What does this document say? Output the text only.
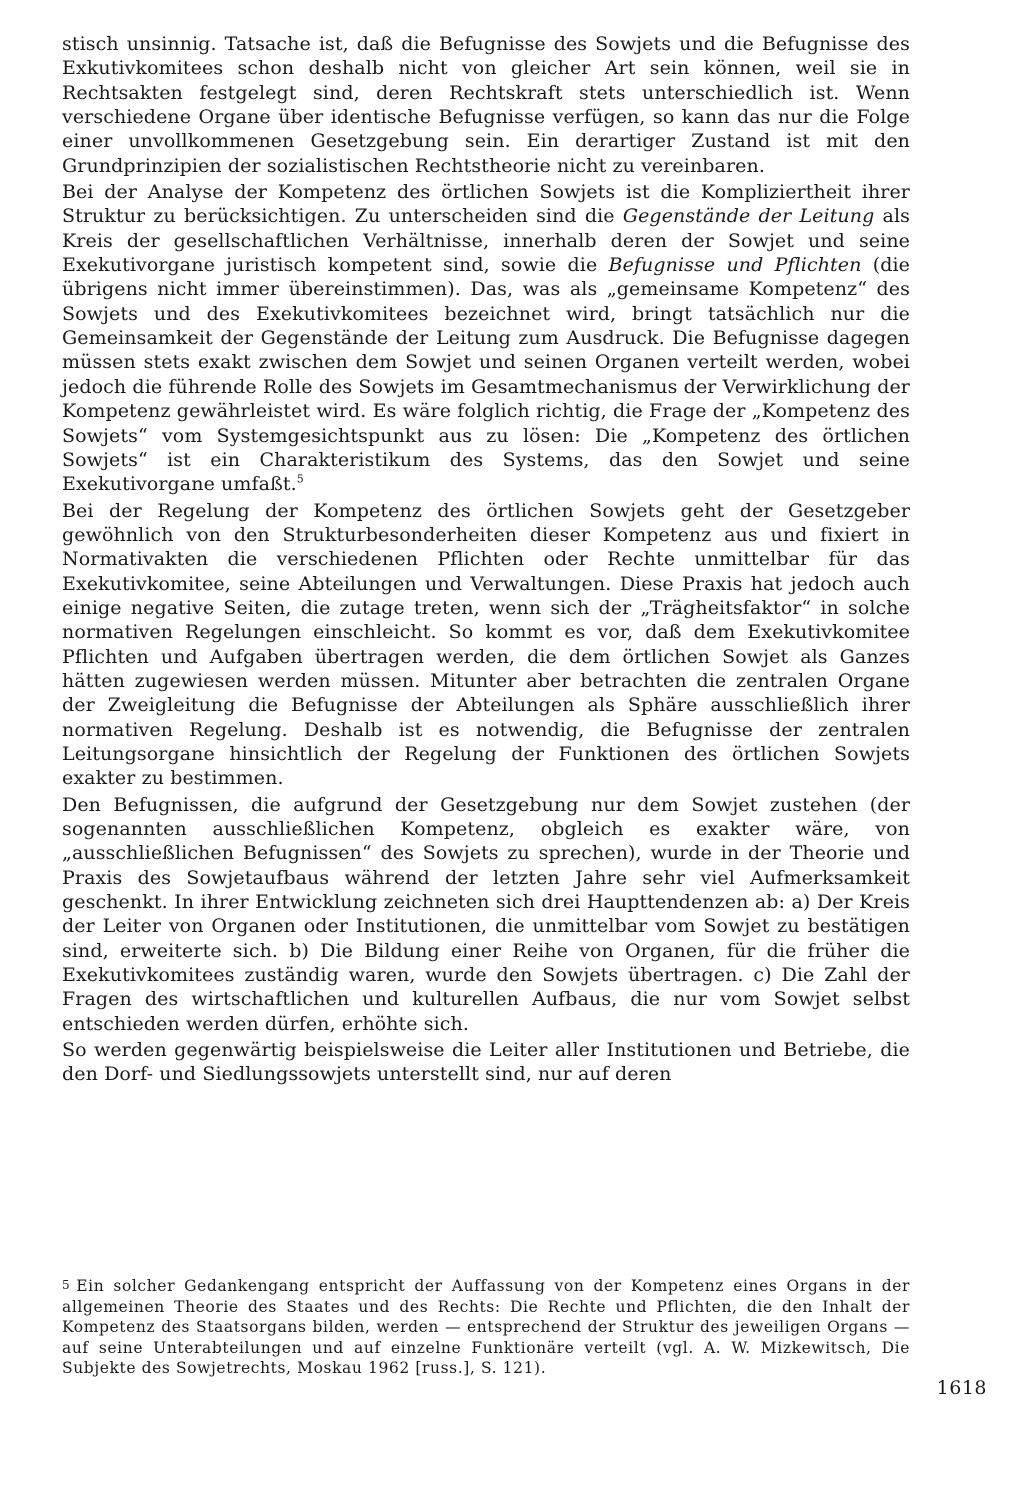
stisch unsinnig. Tatsache ist, daß die Befugnisse des Sowjets und die Befugnisse des Exkutivkomitees schon deshalb nicht von gleicher Art sein können, weil sie in Rechtsakten festgelegt sind, deren Rechtskraft stets unterschiedlich ist. Wenn verschiedene Organe über identische Befugnisse verfügen, so kann das nur die Folge einer unvollkommenen Gesetzgebung sein. Ein derartiger Zustand ist mit den Grundprinzipien der sozialistischen Rechtstheorie nicht zu vereinbaren.

Bei der Analyse der Kompetenz des örtlichen Sowjets ist die Kompliziertheit ihrer Struktur zu berücksichtigen. Zu unterscheiden sind die Gegenstände der Leitung als Kreis der gesellschaftlichen Verhältnisse, innerhalb deren der Sowjet und seine Exekutivorgane juristisch kompetent sind, sowie die Befugnisse und Pflichten (die übrigens nicht immer übereinstimmen). Das, was als „gemeinsame Kompetenz“ des Sowjets und des Exekutivkomitees bezeichnet wird, bringt tatsächlich nur die Gemeinsamkeit der Gegenstände der Leitung zum Ausdruck. Die Befugnisse dagegen müssen stets exakt zwischen dem Sowjet und seinen Organen verteilt werden, wobei jedoch die führende Rolle des Sowjets im Gesamtmechanismus der Verwirklichung der Kompetenz gewährleistet wird. Es wäre folglich richtig, die Frage der „Kompetenz des Sowjets“ vom Systemgesichtspunkt aus zu lösen: Die „Kompetenz des örtlichen Sowjets“ ist ein Charakteristikum des Systems, das den Sowjet und seine Exekutivorgane umfaßt.$^5$

Bei der Regelung der Kompetenz des örtlichen Sowjets geht der Gesetzgeber gewöhnlich von den Strukturbesonderheiten dieser Kompetenz aus und fixiert in Normativakten die verschiedenen Pflichten oder Rechte unmittelbar für das Exekutivkomitee, seine Abteilungen und Verwaltungen. Diese Praxis hat jedoch auch einige negative Seiten, die zutage treten, wenn sich der „Trägheitsfaktor“ in solche normativen Regelungen einschleicht. So kommt es vor, daß dem Exekutivkomitee Pflichten und Aufgaben übertragen werden, die dem örtlichen Sowjet als Ganzes hätten zugewiesen werden müssen. Mitunter aber betrachten die zentralen Organe der Zweigleitung die Befugnisse der Abteilungen als Sphäre ausschließlich ihrer normativen Regelung. Deshalb ist es notwendig, die Befugnisse der zentralen Leitungsorgane hinsichtlich der Regelung der Funktionen des örtlichen Sowjets exakter zu bestimmen.

Den Befugnissen, die aufgrund der Gesetzgebung nur dem Sowjet zustehen (der sogenannten ausschließlichen Kompetenz, obgleich es exakter wäre, von „ausschließlichen Befugnissen“ des Sowjets zu sprechen), wurde in der Theorie und Praxis des Sowjetaufbaus während der letzten Jahre sehr viel Aufmerksamkeit geschenkt. In ihrer Entwicklung zeichneten sich drei Haupttendenzen ab: a) Der Kreis der Leiter von Organen oder Institutionen, die unmittelbar vom Sowjet zu bestätigen sind, erweiterte sich. b) Die Bildung einer Reihe von Organen, für die früher die Exekutivkomitees zuständig waren, wurde den Sowjets übertragen. c) Die Zahl der Fragen des wirtschaftlichen und kulturellen Aufbaus, die nur vom Sowjet selbst entschieden werden dürfen, erhöhte sich.

So werden gegenwärtig beispielsweise die Leiter aller Institutionen und Betriebe, die den Dorf- und Siedlungssowjets unterstellt sind, nur auf deren

5 Ein solcher Gedankengang entspricht der Auffassung von der Kompetenz eines Organs in der allgemeinen Theorie des Staates und des Rechts: Die Rechte und Pflichten, die den Inhalt der Kompetenz des Staatsorgans bilden, werden — entsprechend der Struktur des jeweiligen Organs — auf seine Unterabteilungen und auf einzelne Funktionäre verteilt (vgl. A. W. Mizkewitsch, Die Subjekte des Sowjetrechts, Moskau 1962 [russ.], S. 121).

1618
